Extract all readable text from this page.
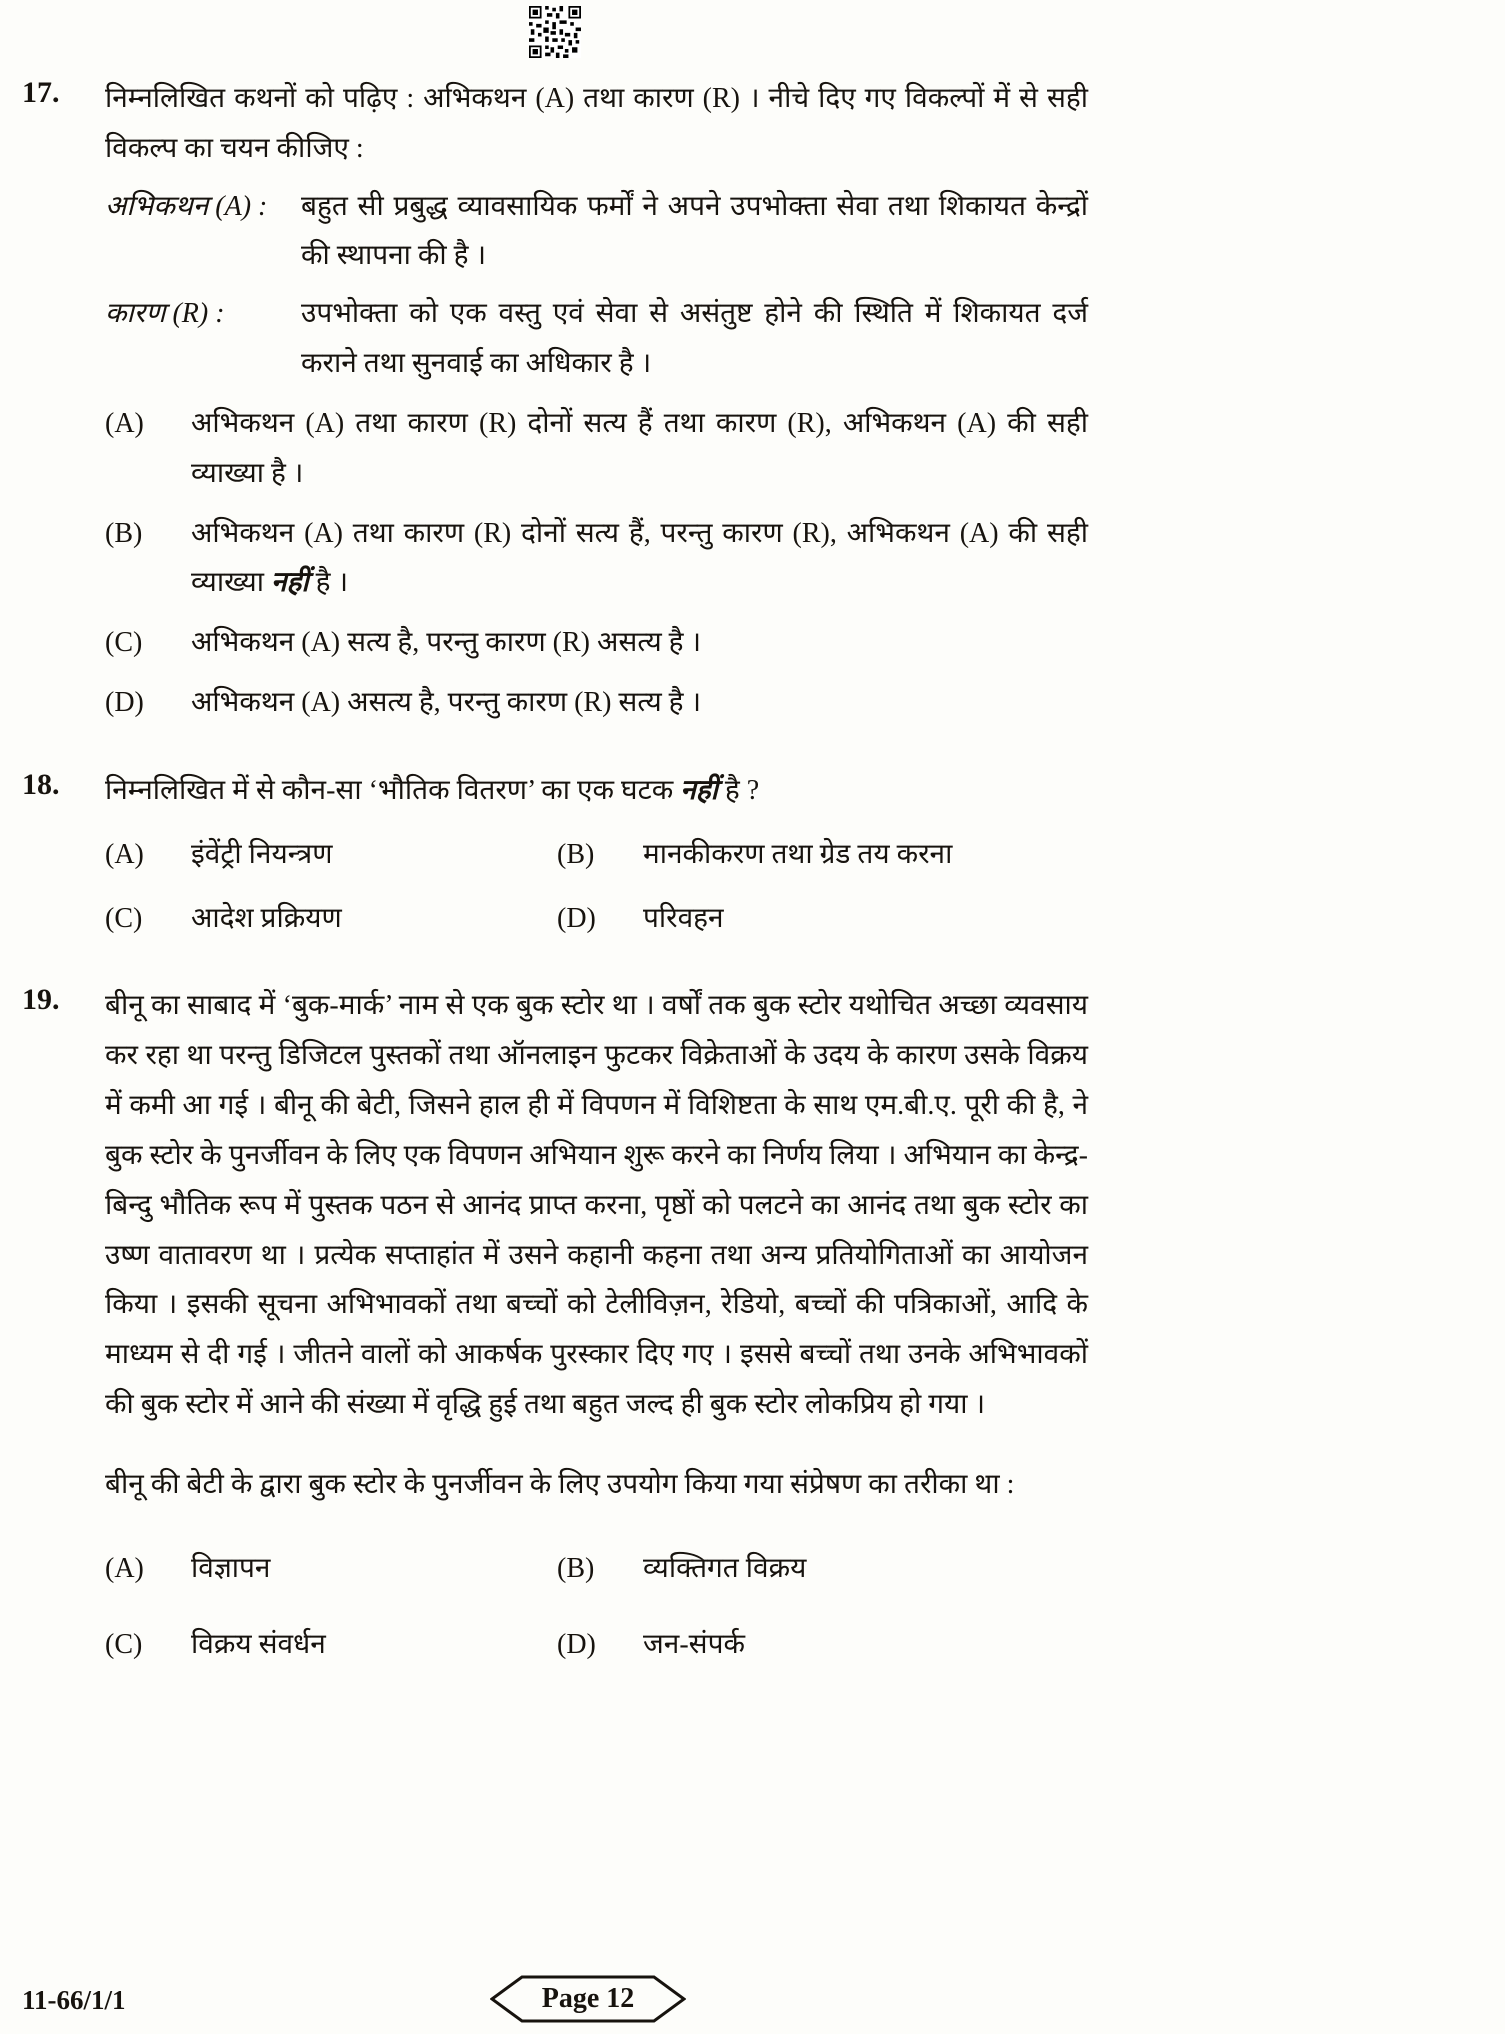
17.	निम्नलिखित कथनों को पढ़िए : अभिकथन (A) तथा कारण (R) । नीचे दिए गए विकल्पों में से सही विकल्प का चयन कीजिए :

अभिकथन (A) :	बहुत सी प्रबुद्ध व्यावसायिक फर्मों ने अपने उपभोक्ता सेवा तथा शिकायत केन्द्रों की स्थापना की है ।
कारण (R) :	उपभोक्ता को एक वस्तु एवं सेवा से असंतुष्ट होने की स्थिति में शिकायत दर्ज कराने तथा सुनवाई का अधिकार है ।
(A)	अभिकथन (A) तथा कारण (R) दोनों सत्य हैं तथा कारण (R), अभिकथन (A) की सही व्याख्या है ।
(B)	अभिकथन (A) तथा कारण (R) दोनों सत्य हैं, परन्तु कारण (R), अभिकथन (A) की सही व्याख्या नहीं है ।
(C)	अभिकथन (A) सत्य है, परन्तु कारण (R) असत्य है ।
(D)	अभिकथन (A) असत्य है, परन्तु कारण (R) सत्य है ।
18.	निम्नलिखित में से कौन-सा ‘भौतिक वितरण’ का एक घटक नहीं है ?

(A)	इंवेंट्री नियन्त्रण	(B)	मानकीकरण तथा ग्रेड तय करना
(C)	आदेश प्रक्रियण	(D)	परिवहन
19.	बीनू का साबाद में ‘बुक-मार्क’ नाम से एक बुक स्टोर था । वर्षों तक बुक स्टोर यथोचित अच्छा व्यवसाय कर रहा था परन्तु डिजिटल पुस्तकों तथा ऑनलाइन फुटकर विक्रेताओं के उदय के कारण उसके विक्रय में कमी आ गई । बीनू की बेटी, जिसने हाल ही में विपणन में विशिष्टता के साथ एम.बी.ए. पूरी की है, ने बुक स्टोर के पुनर्जीवन के लिए एक विपणन अभियान शुरू करने का निर्णय लिया । अभियान का केन्द्र-बिन्दु भौतिक रूप में पुस्तक पठन से आनंद प्राप्त करना, पृष्ठों को पलटने का आनंद तथा बुक स्टोर का उष्ण वातावरण था । प्रत्येक सप्ताहांत में उसने कहानी कहना तथा अन्य प्रतियोगिताओं का आयोजन किया । इसकी सूचना अभिभावकों तथा बच्चों को टेलीविज़न, रेडियो, बच्चों की पत्रिकाओं, आदि के माध्यम से दी गई । जीतने वालों को आकर्षक पुरस्कार दिए गए । इससे बच्चों तथा उनके अभिभावकों की बुक स्टोर में आने की संख्या में वृद्धि हुई तथा बहुत जल्द ही बुक स्टोर लोकप्रिय हो गया ।

बीनू की बेटी के द्वारा बुक स्टोर के पुनर्जीवन के लिए उपयोग किया गया संप्रेषण का तरीका था :

(A)	विज्ञापन	(B)	व्यक्तिगत विक्रय
(C)	विक्रय संवर्धन	(D)	जन-संपर्क
11-66/1/1	Page 12
